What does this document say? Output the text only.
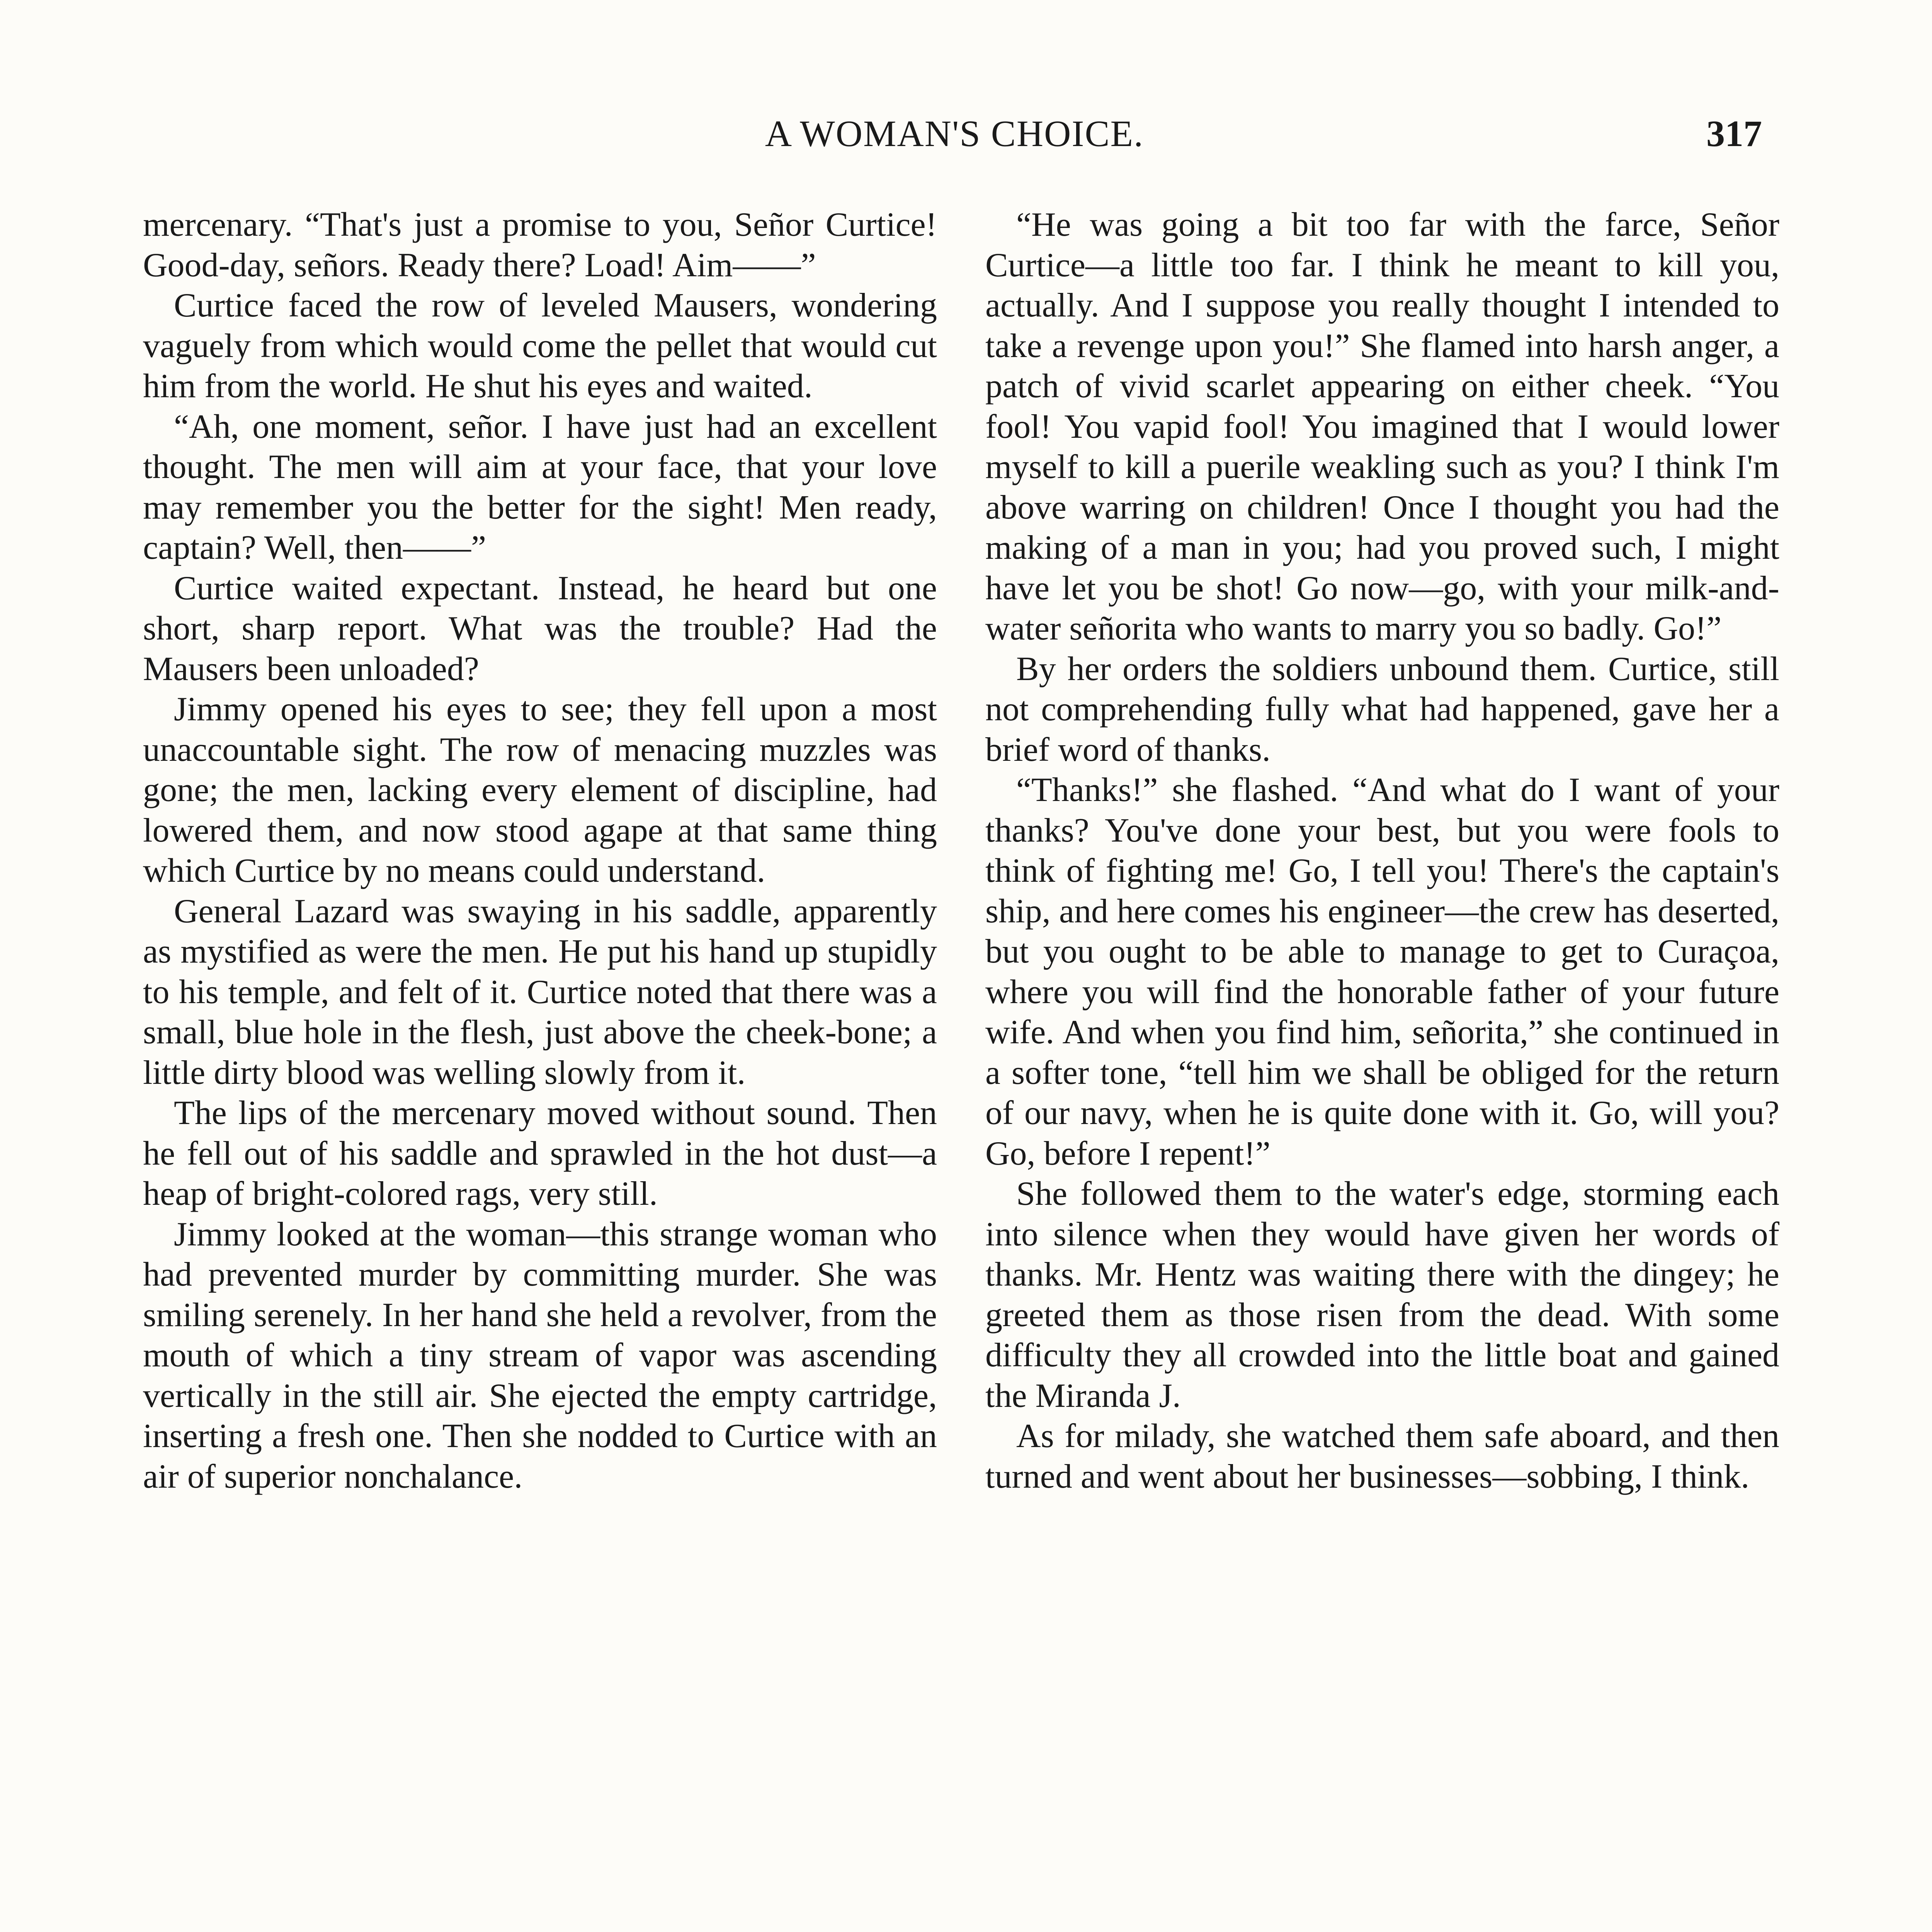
A WOMAN'S CHOICE.	317

mercenary. “That's just a promise to you, Señor Curtice! Good-day, señors. Ready there? Load! Aim——”

Curtice faced the row of leveled Mausers, wondering vaguely from which would come the pellet that would cut him from the world. He shut his eyes and waited.

“Ah, one moment, señor. I have just had an excellent thought. The men will aim at your face, that your love may remember you the better for the sight! Men ready, captain? Well, then——”

Curtice waited expectant. Instead, he heard but one short, sharp report. What was the trouble? Had the Mausers been unloaded?

Jimmy opened his eyes to see; they fell upon a most unaccountable sight. The row of menacing muzzles was gone; the men, lacking every element of discipline, had lowered them, and now stood agape at that same thing which Curtice by no means could understand.

General Lazard was swaying in his saddle, apparently as mystified as were the men. He put his hand up stupidly to his temple, and felt of it. Curtice noted that there was a small, blue hole in the flesh, just above the cheek-bone; a little dirty blood was welling slowly from it.

The lips of the mercenary moved without sound. Then he fell out of his saddle and sprawled in the hot dust—a heap of bright-colored rags, very still.

Jimmy looked at the woman—this strange woman who had prevented murder by committing murder. She was smiling serenely. In her hand she held a revolver, from the mouth of which a tiny stream of vapor was ascending vertically in the still air. She ejected the empty cartridge, inserting a fresh one. Then she nodded to Curtice with an air of superior nonchalance.

“He was going a bit too far with the farce, Señor Curtice—a little too far. I think he meant to kill you, actually. And I suppose you really thought I intended to take a revenge upon you!” She flamed into harsh anger, a patch of vivid scarlet appearing on either cheek. “You fool! You vapid fool! You imagined that I would lower myself to kill a puerile weakling such as you? I think I'm above warring on children! Once I thought you had the making of a man in you; had you proved such, I might have let you be shot! Go now—go, with your milk-and-water señorita who wants to marry you so badly. Go!”

By her orders the soldiers unbound them. Curtice, still not comprehending fully what had happened, gave her a brief word of thanks.

“Thanks!” she flashed. “And what do I want of your thanks? You've done your best, but you were fools to think of fighting me! Go, I tell you! There's the captain's ship, and here comes his engineer—the crew has deserted, but you ought to be able to manage to get to Curaçoa, where you will find the honorable father of your future wife. And when you find him, señorita,” she continued in a softer tone, “tell him we shall be obliged for the return of our navy, when he is quite done with it. Go, will you? Go, before I repent!”

She followed them to the water's edge, storming each into silence when they would have given her words of thanks. Mr. Hentz was waiting there with the dingey; he greeted them as those risen from the dead. With some difficulty they all crowded into the little boat and gained the Miranda J.

As for milady, she watched them safe aboard, and then turned and went about her businesses—sobbing, I think.
